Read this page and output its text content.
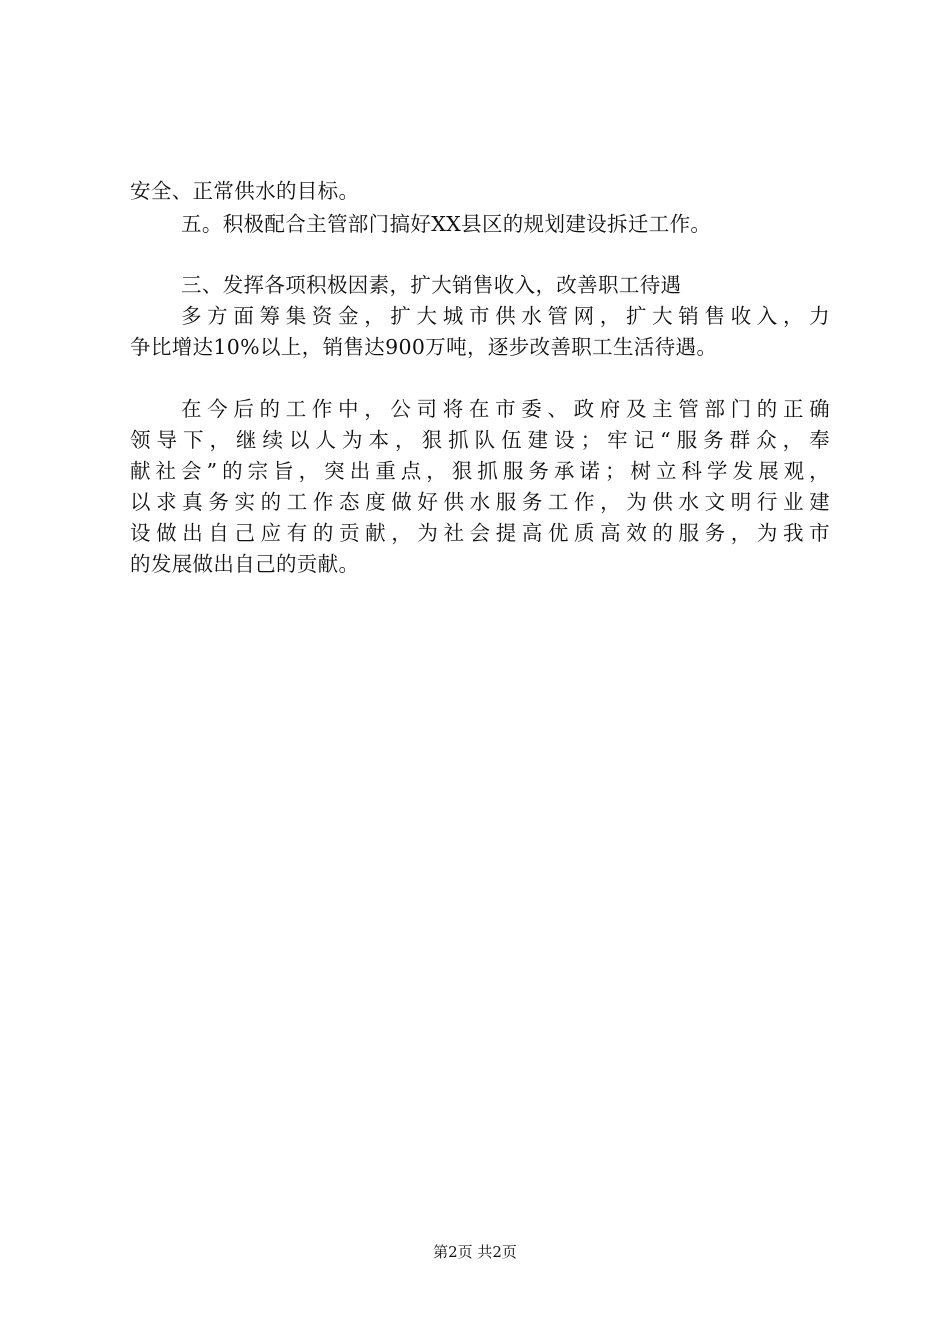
安全、正常供水的目标。
五。积极配合主管部门搞好XX县区的规划建设拆迁工作。
三、发挥各项积极因素，扩大销售收入，改善职工待遇
多方面筹集资金，扩大城市供水管网，扩大销售收入，力
争比增达10%以上，销售达900万吨，逐步改善职工生活待遇。
在今后的工作中，公司将在市委、政府及主管部门的正确
领导下，继续以人为本，狠抓队伍建设；牢记“服务群众，奉
献社会”的宗旨，突出重点，狠抓服务承诺；树立科学发展观，
以求真务实的工作态度做好供水服务工作，为供水文明行业建
设做出自己应有的贡献，为社会提高优质高效的服务，为我市
的发展做出自己的贡献。
第2页 共2页
